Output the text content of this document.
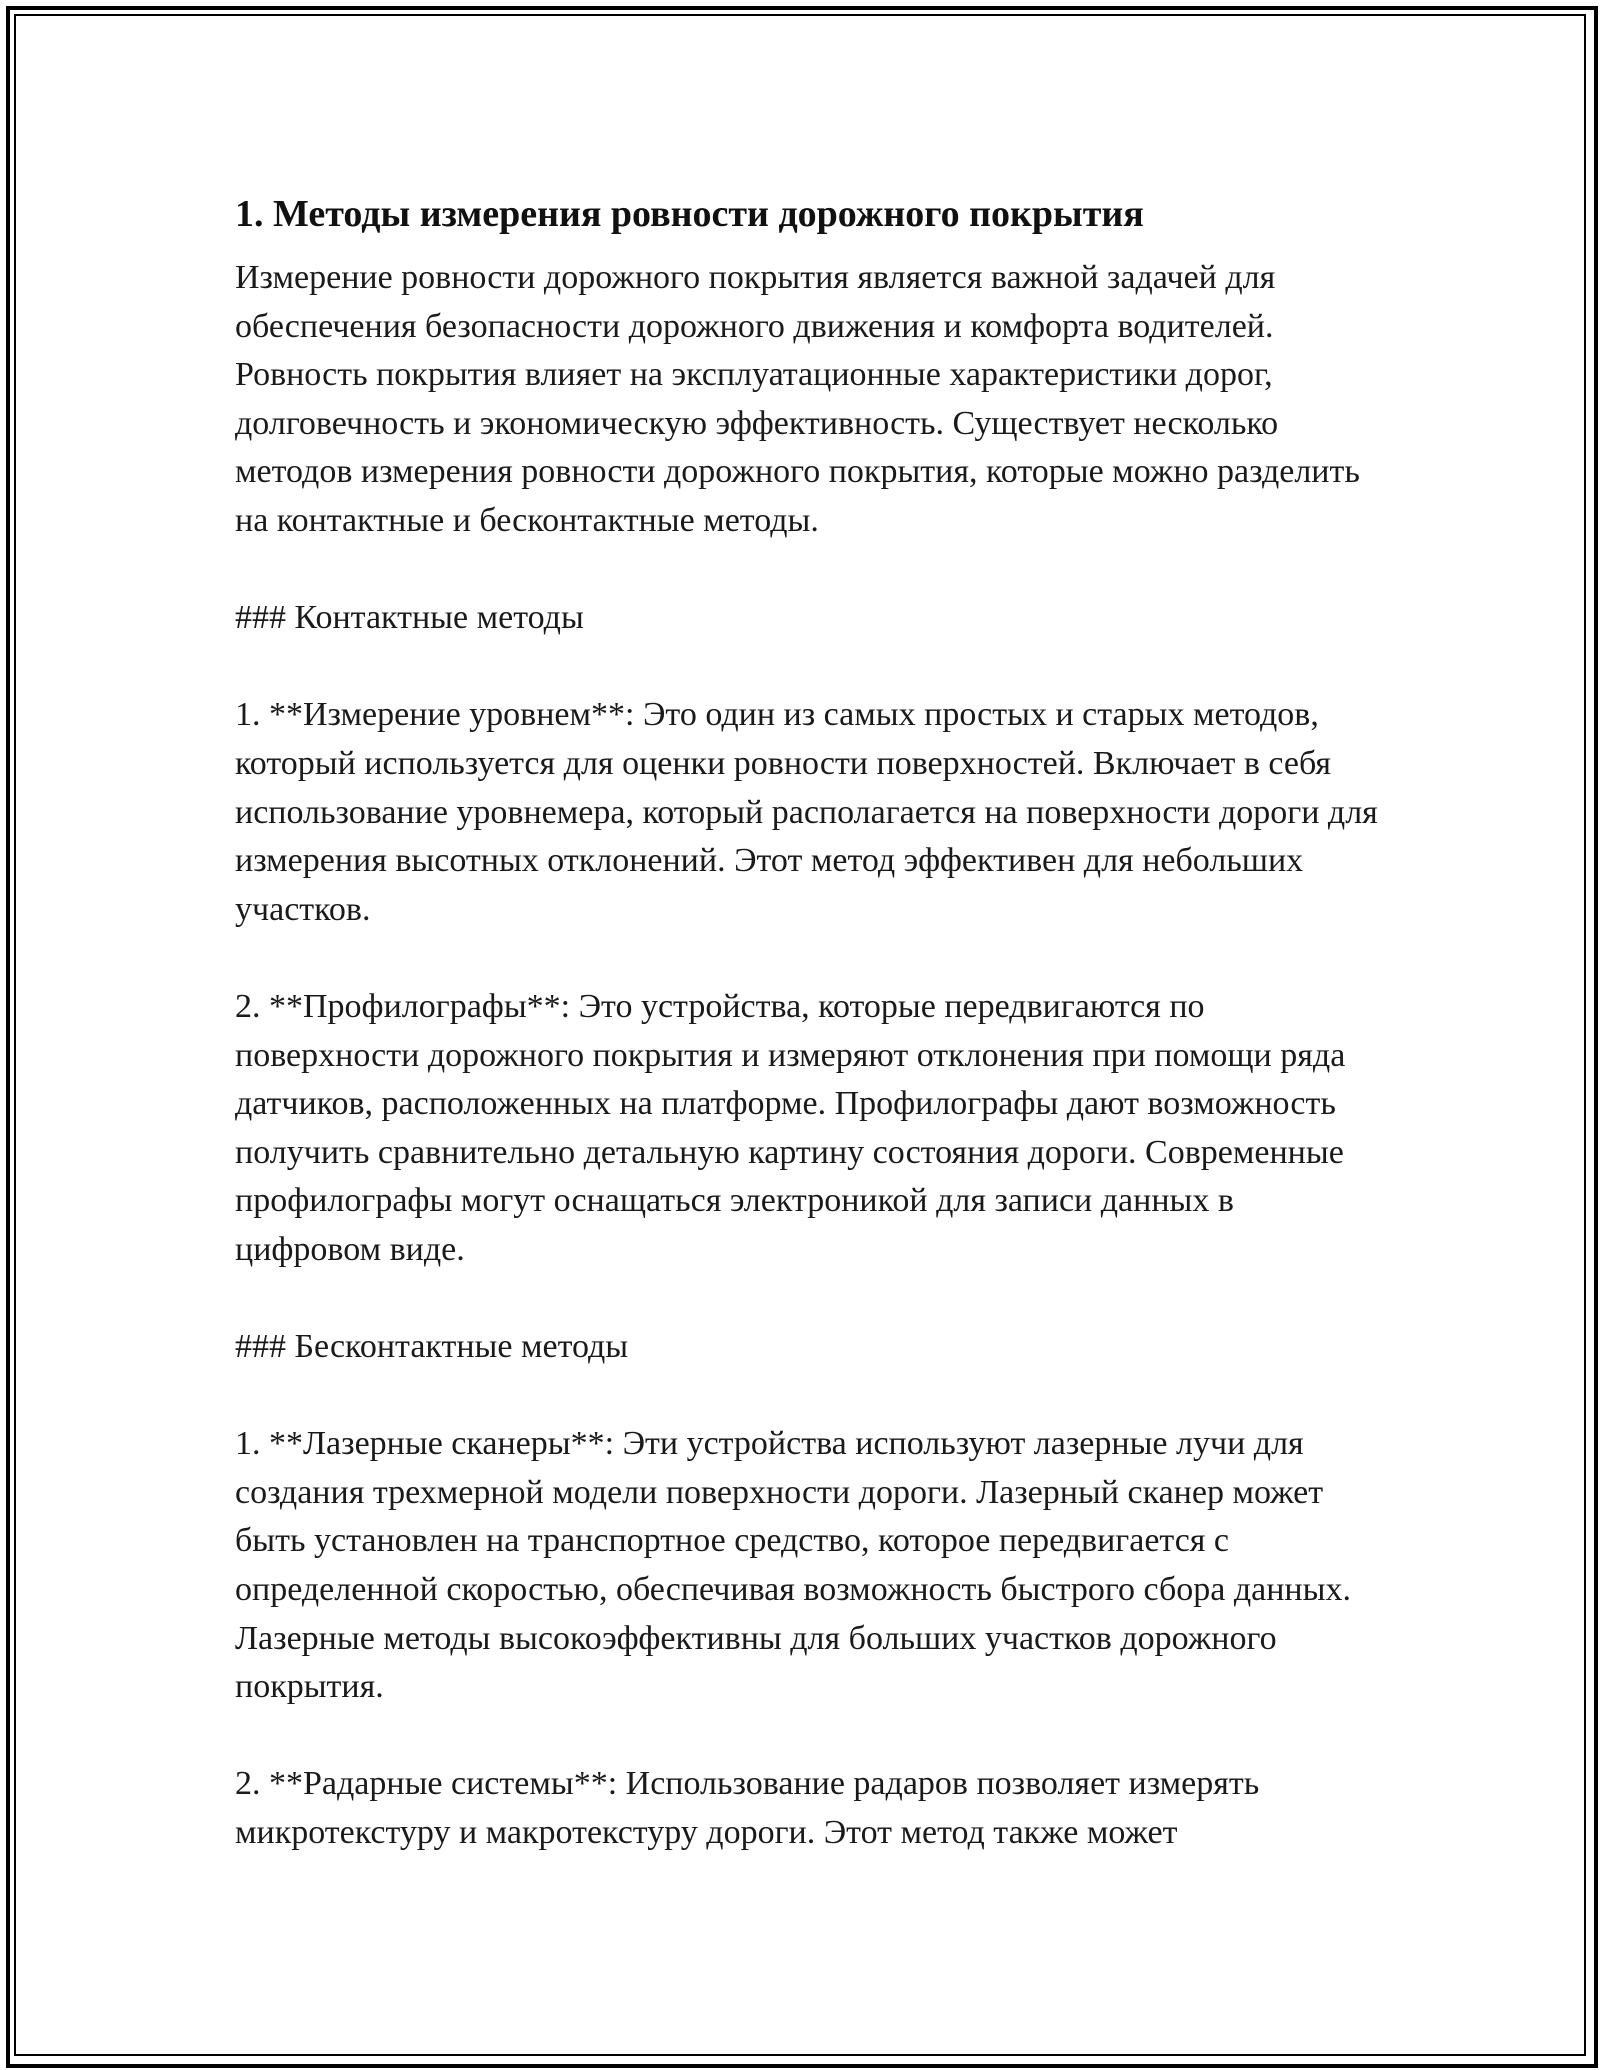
1. Методы измерения ровности дорожного покрытия

Измерение ровности дорожного покрытия является важной задачей для обеспечения безопасности дорожного движения и комфорта водителей. Ровность покрытия влияет на эксплуатационные характеристики дорог, долговечность и экономическую эффективность. Существует несколько методов измерения ровности дорожного покрытия, которые можно разделить на контактные и бесконтактные методы.

### Контактные методы

1. **Измерение уровнем**: Это один из самых простых и старых методов, который используется для оценки ровности поверхностей. Включает в себя использование уровнемера, который располагается на поверхности дороги для измерения высотных отклонений. Этот метод эффективен для небольших участков.

2. **Профилографы**: Это устройства, которые передвигаются по поверхности дорожного покрытия и измеряют отклонения при помощи ряда датчиков, расположенных на платформе. Профилографы дают возможность получить сравнительно детальную картину состояния дороги. Современные профилографы могут оснащаться электроникой для записи данных в цифровом виде.

### Бесконтактные методы

1. **Лазерные сканеры**: Эти устройства используют лазерные лучи для создания трехмерной модели поверхности дороги. Лазерный сканер может быть установлен на транспортное средство, которое передвигается с определенной скоростью, обеспечивая возможность быстрого сбора данных. Лазерные методы высокоэффективны для больших участков дорожного покрытия.

2. **Радарные системы**: Использование радаров позволяет измерять микротекстуру и макротекстуру дороги. Этот метод также может
